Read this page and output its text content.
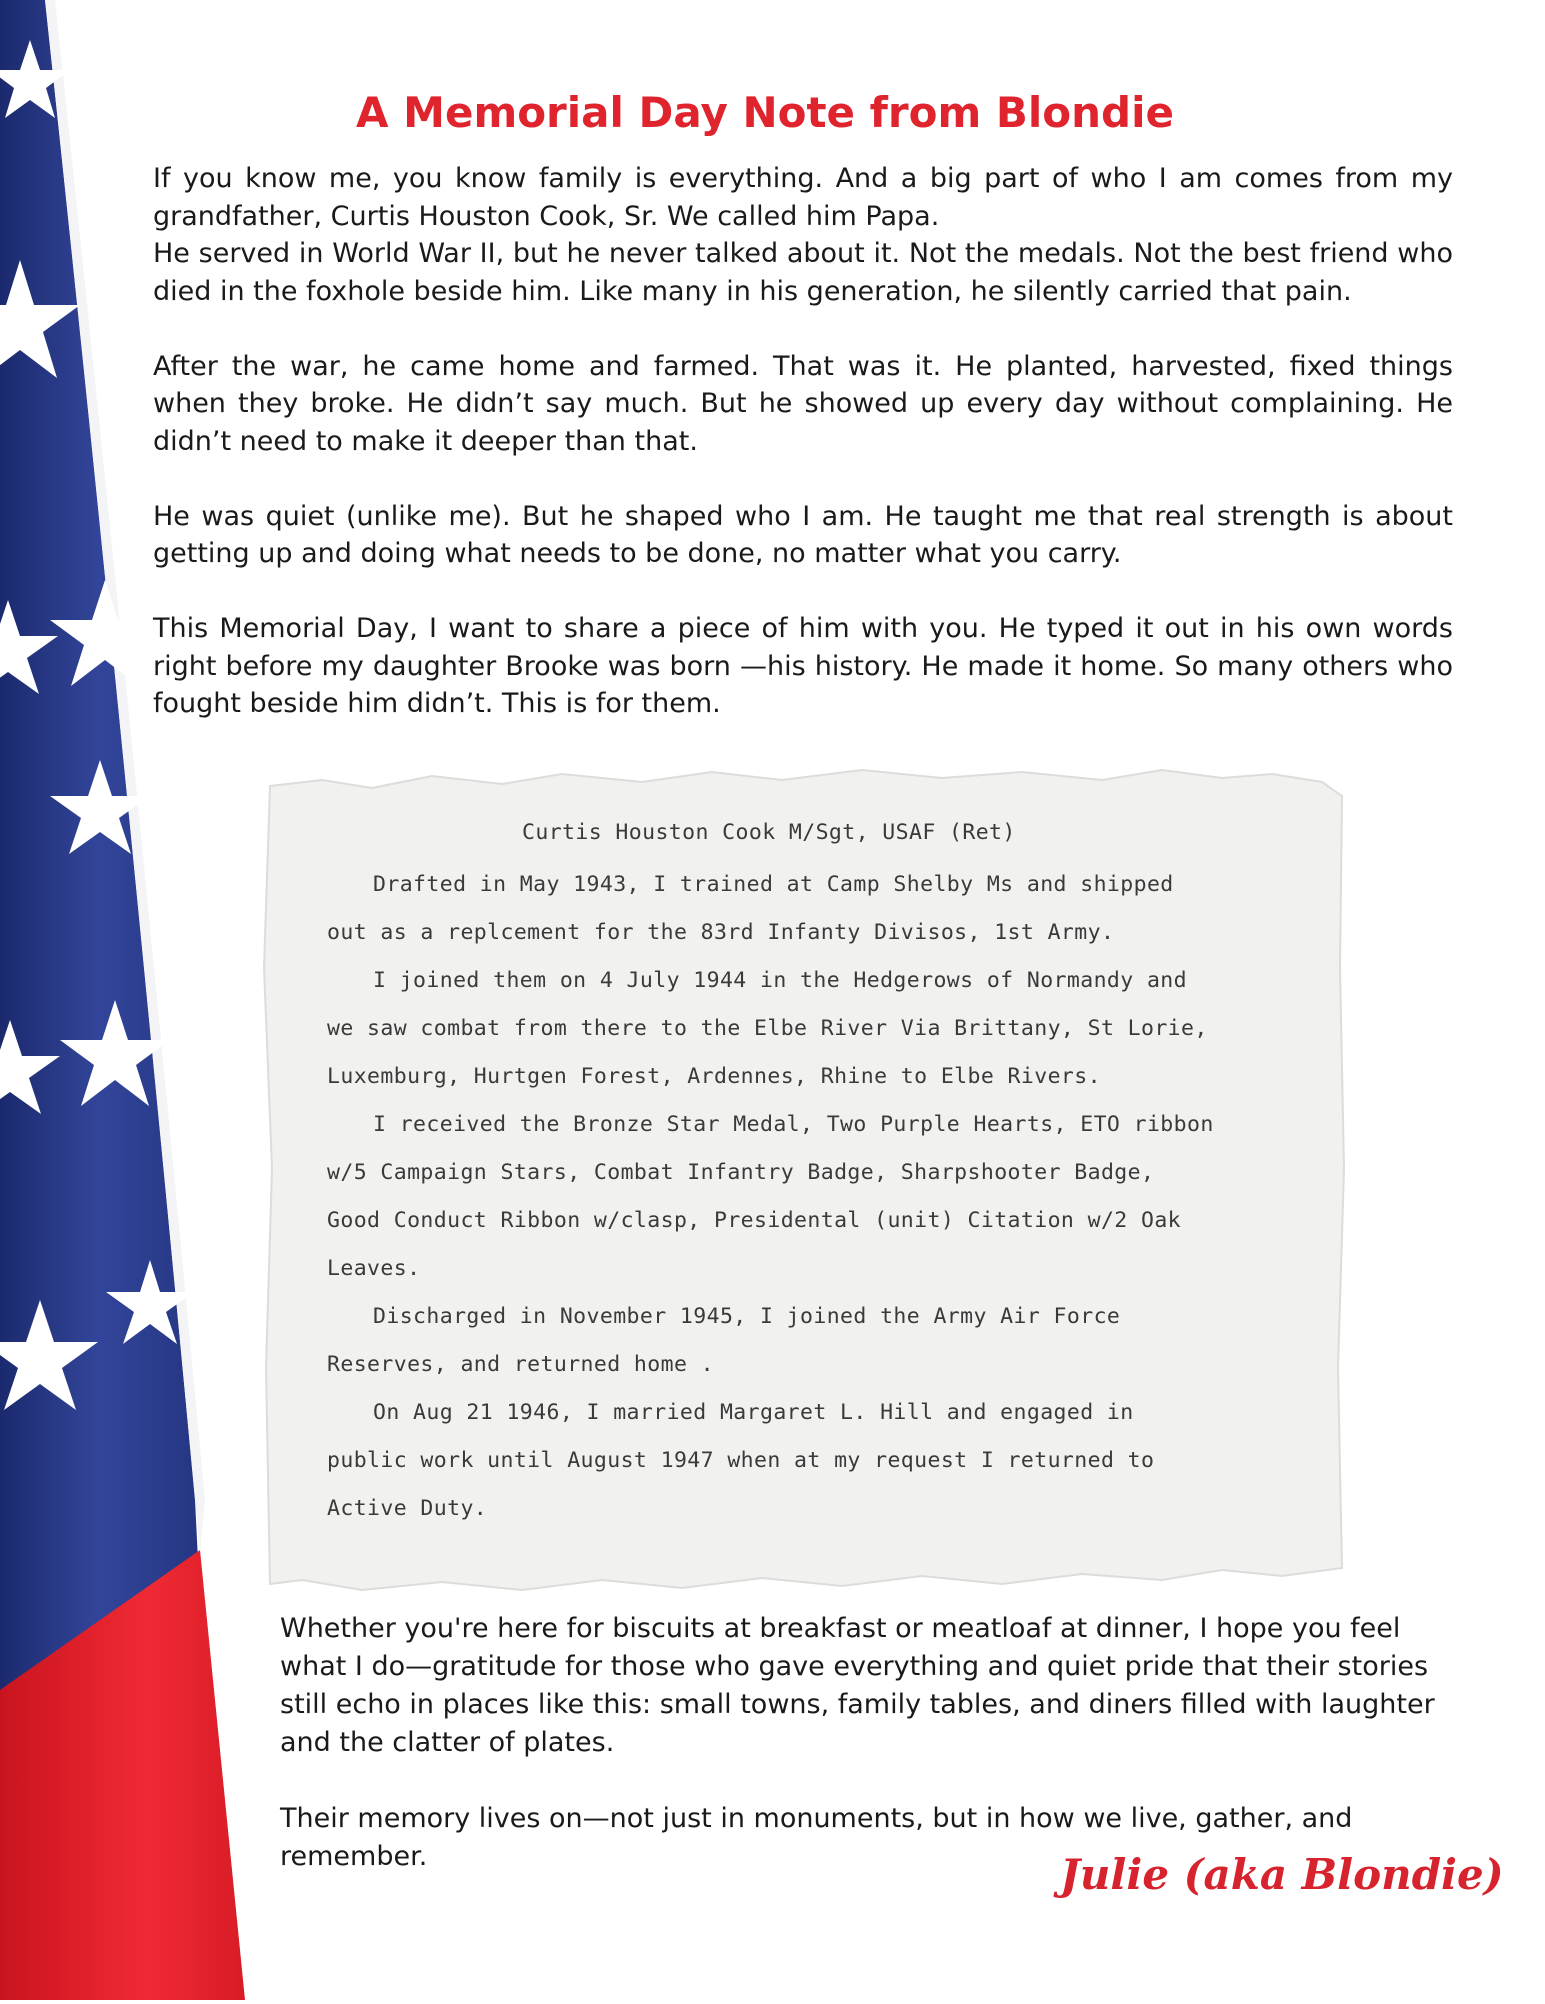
A Memorial Day Note from Blondie

If you know me, you know family is everything. And a big part of who I am comes from my grandfather, Curtis Houston Cook, Sr. We called him Papa.

He served in World War II, but he never talked about it. Not the medals. Not the best friend who died in the foxhole beside him. Like many in his generation, he silently carried that pain.

After the war, he came home and farmed. That was it. He planted, harvested, fixed things when they broke. He didn’t say much. But he showed up every day without complaining. He didn’t need to make it deeper than that.

He was quiet (unlike me). But he shaped who I am. He taught me that real strength is about getting up and doing what needs to be done, no matter what you carry.

This Memorial Day, I want to share a piece of him with you. He typed it out in his own words right before my daughter Brooke was born —his history. He made it home. So many others who fought beside him didn’t. This is for them.

Curtis Houston Cook M/Sgt, USAF (Ret)
Drafted in May 1943, I trained at Camp Shelby Ms and shipped
out as a replcement for the 83rd Infanty Divisos, 1st Army.
I joined them on 4 July 1944 in the Hedgerows of Normandy and
we saw combat from there to the Elbe River Via Brittany, St Lorie,
Luxemburg, Hurtgen Forest, Ardennes, Rhine to Elbe Rivers.
I received the Bronze Star Medal, Two Purple Hearts, ETO ribbon
w/5 Campaign Stars, Combat Infantry Badge, Sharpshooter Badge,
Good Conduct Ribbon w/clasp, Presidental (unit) Citation w/2 Oak
Leaves.
Discharged in November 1945, I joined the Army Air Force
Reserves, and returned home .
On Aug 21 1946, I married Margaret L. Hill and engaged in
public work until August 1947 when at my request I returned to
Active Duty.

Whether you're here for biscuits at breakfast or meatloaf at dinner, I hope you feel what I do—gratitude for those who gave everything and quiet pride that their stories still echo in places like this: small towns, family tables, and diners filled with laughter and the clatter of plates.

Their memory lives on—not just in monuments, but in how we live, gather, and remember.	Julie (aka Blondie)
